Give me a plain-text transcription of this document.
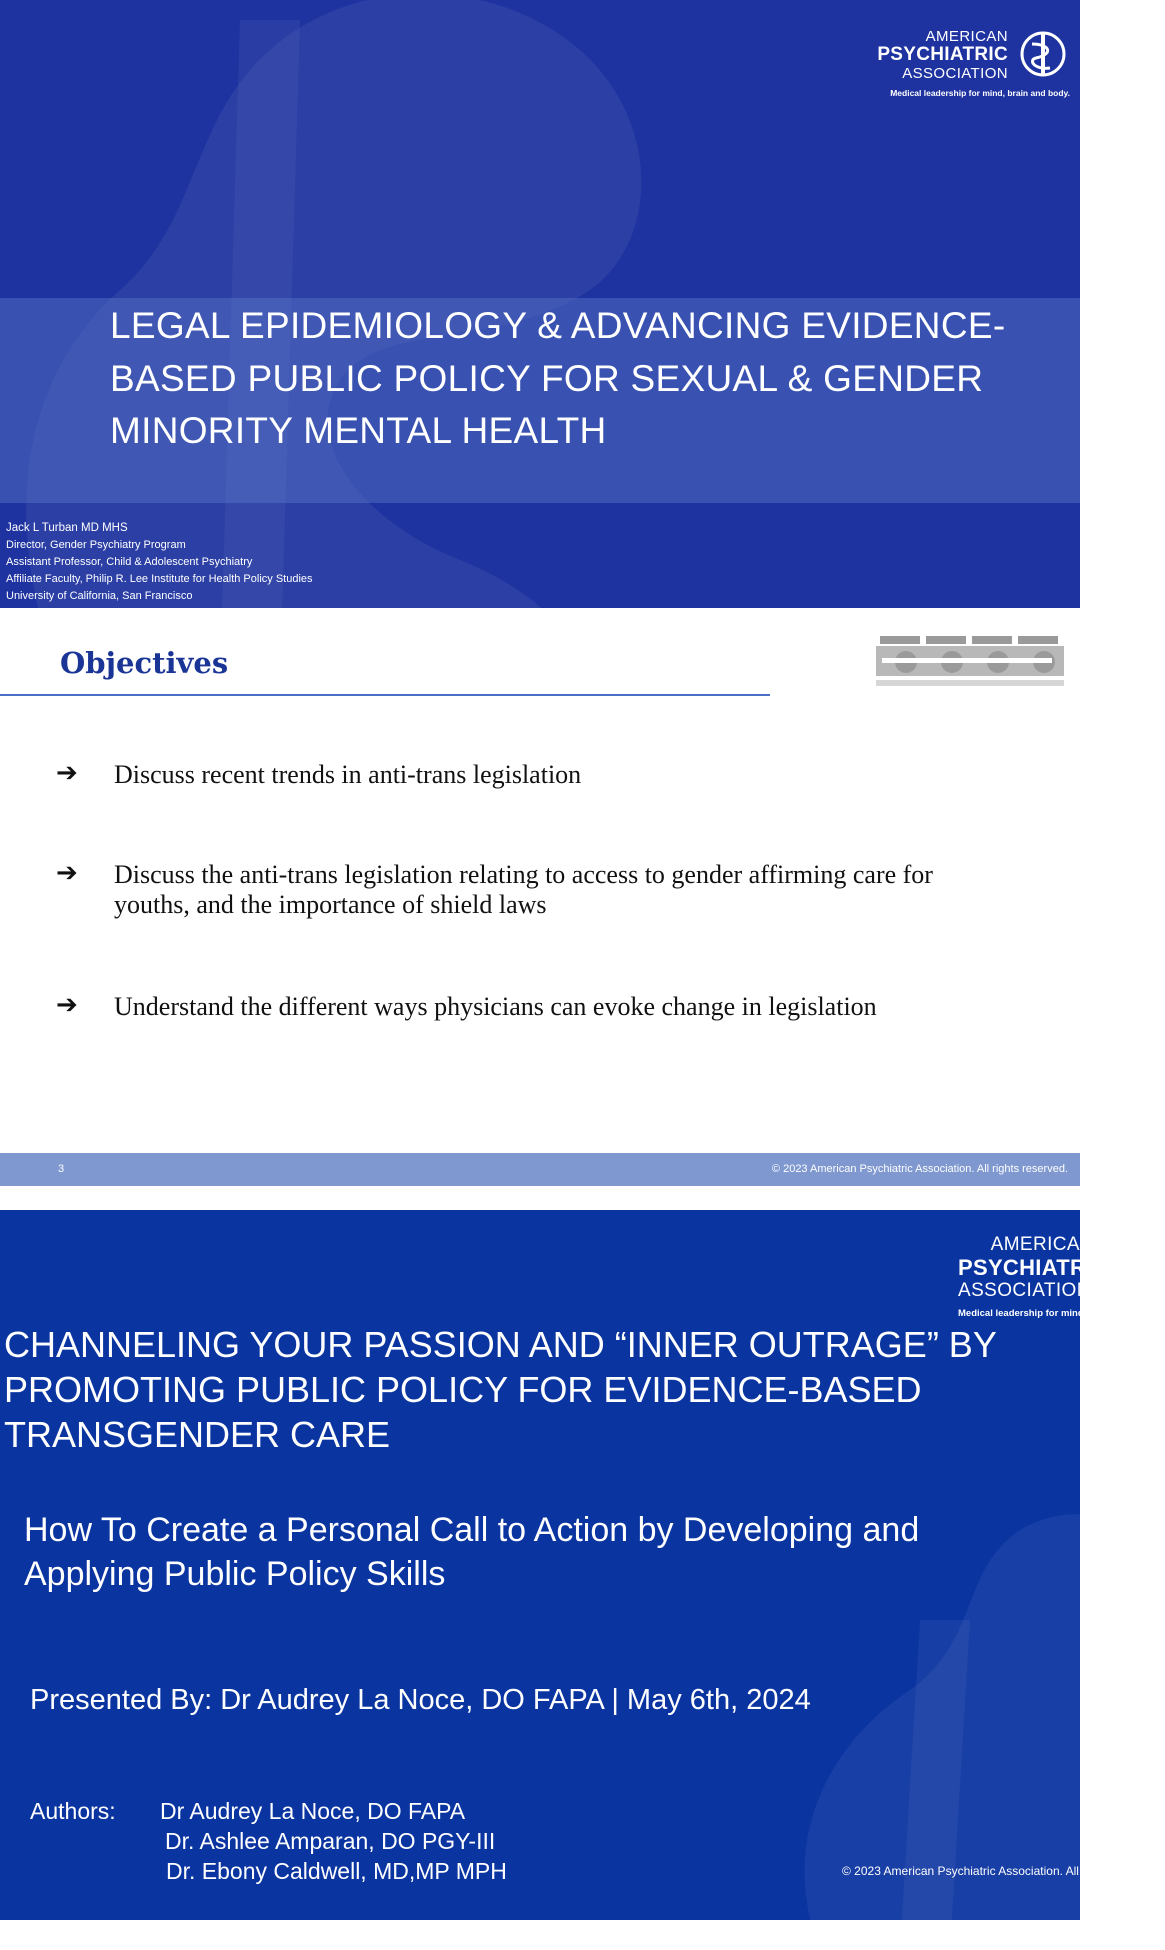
LEGAL EPIDEMIOLOGY & ADVANCING EVIDENCE-BASED PUBLIC POLICY FOR SEXUAL & GENDER MINORITY MENTAL HEALTH
Jack L Turban MD MHS
Director, Gender Psychiatry Program
Assistant Professor, Child & Adolescent Psychiatry
Affiliate Faculty, Philip R. Lee Institute for Health Policy Studies
University of California, San Francisco
AMERICAN
PSYCHIATRIC
ASSOCIATION
Medical leadership for mind, brain and body.
Objectives
➔ Discuss recent trends in anti-trans legislation
➔ Discuss the anti-trans legislation relating to access to gender affirming care for youths, and the importance of shield laws
➔ Understand the different ways physicians can evoke change in legislation
3	© 2023 American Psychiatric Association. All rights reserved.
AMERICA
PSYCHIATRIC
ASSOCIATION
Medical leadership for mind, brain and body.
CHANNELING YOUR PASSION AND “INNER OUTRAGE” BY PROMOTING PUBLIC POLICY FOR EVIDENCE-BASED TRANSGENDER CARE
How To Create a Personal Call to Action by Developing and Applying Public Policy Skills
Presented By: Dr Audrey La Noce, DO FAPA | May 6th, 2024
Authors: Dr Audrey La Noce, DO FAPA
Dr. Ashlee Amparan, DO PGY-III
Dr. Ebony Caldwell, MD,MP MPH	© 2023 American Psychiatric Association. All rights reserved.
